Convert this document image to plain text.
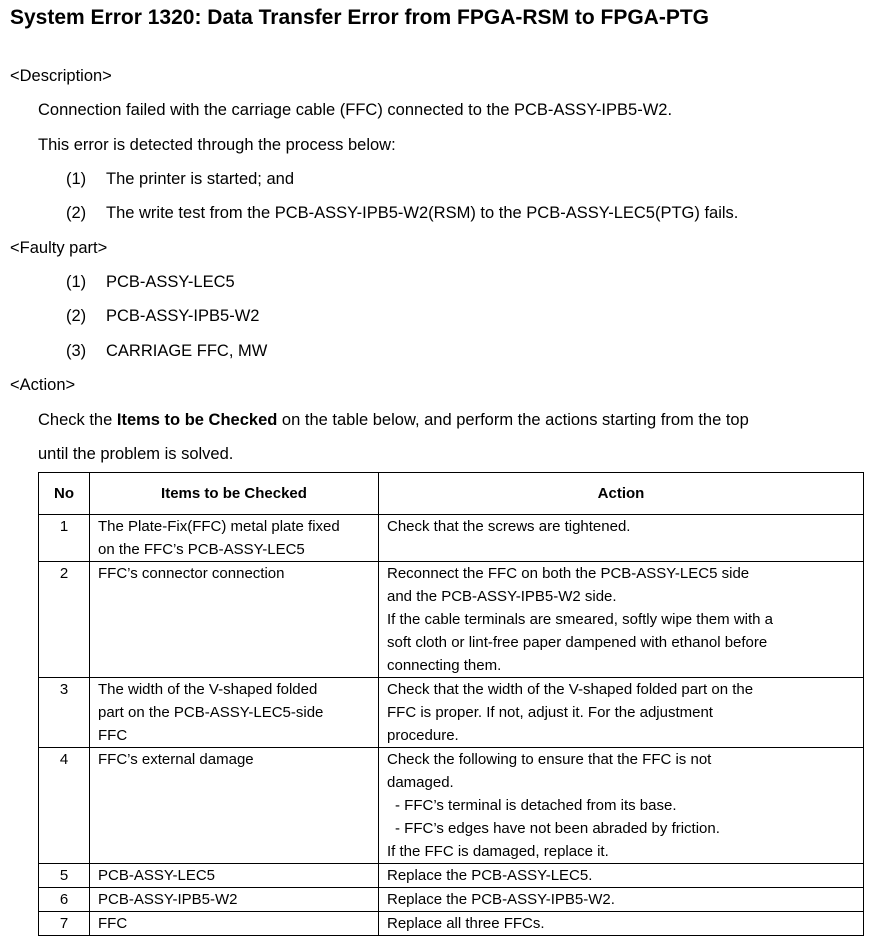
System Error 1320: Data Transfer Error from FPGA-RSM to FPGA-PTG
<Description>
Connection failed with the carriage cable (FFC) connected to the PCB-ASSY-IPB5-W2.
This error is detected through the process below:
(1) The printer is started; and
(2) The write test from the PCB-ASSY-IPB5-W2(RSM) to the PCB-ASSY-LEC5(PTG) fails.
<Faulty part>
(1) PCB-ASSY-LEC5
(2) PCB-ASSY-IPB5-W2
(3) CARRIAGE FFC, MW
<Action>
Check the Items to be Checked on the table below, and perform the actions starting from the top
until the problem is solved.
No	Items to be Checked	Action
1	The Plate-Fix(FFC) metal plate fixed
on the FFC’s PCB-ASSY-LEC5	Check that the screws are tightened.

2	FFC’s connector connection	Reconnect the FFC on both the PCB-ASSY-LEC5 side
and the PCB-ASSY-IPB5-W2 side.
If the cable terminals are smeared, softly wipe them with a
soft cloth or lint-free paper dampened with ethanol before
connecting them.

3	The width of the V-shaped folded
part on the PCB-ASSY-LEC5-side
FFC	Check that the width of the V-shaped folded part on the
FFC is proper. If not, adjust it. For the adjustment
procedure.

4	FFC’s external damage	Check the following to ensure that the FFC is not
damaged.
- FFC’s terminal is detached from its base.
- FFC’s edges have not been abraded by friction.
If the FFC is damaged, replace it.

5	PCB-ASSY-LEC5	Replace the PCB-ASSY-LEC5.

6	PCB-ASSY-IPB5-W2	Replace the PCB-ASSY-IPB5-W2.

7	FFC	Replace all three FFCs.
